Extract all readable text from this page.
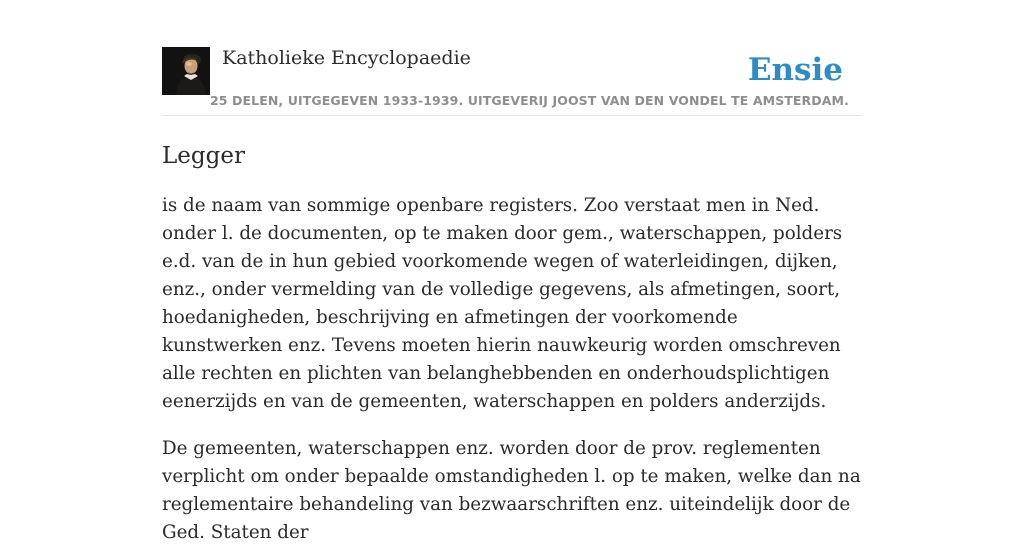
Katholieke Encyclopaedie	Ensie
25 DELEN, UITGEGEVEN 1933-1939. UITGEVERIJ JOOST VAN DEN VONDEL TE AMSTERDAM.
Legger

is de naam van sommige openbare registers. Zoo verstaat men in Ned. onder l. de documenten, op te maken door gem., waterschappen, polders e.d. van de in hun gebied voorkomende wegen of waterleidingen, dijken, enz., onder vermelding van de volledige gegevens, als afmetingen, soort, hoedanigheden, beschrijving en afmetingen der voorkomende kunstwerken enz. Tevens moeten hierin nauwkeurig worden omschreven alle rechten en plichten van belanghebbenden en onderhoudsplichtigen eenerzijds en van de gemeenten, waterschappen en polders anderzijds.

De gemeenten, waterschappen enz. worden door de prov. reglementen verplicht om onder bepaalde omstandigheden l. op te maken, welke dan na reglementaire behandeling van bezwaarschriften enz. uiteindelijk door de Ged. Staten der
